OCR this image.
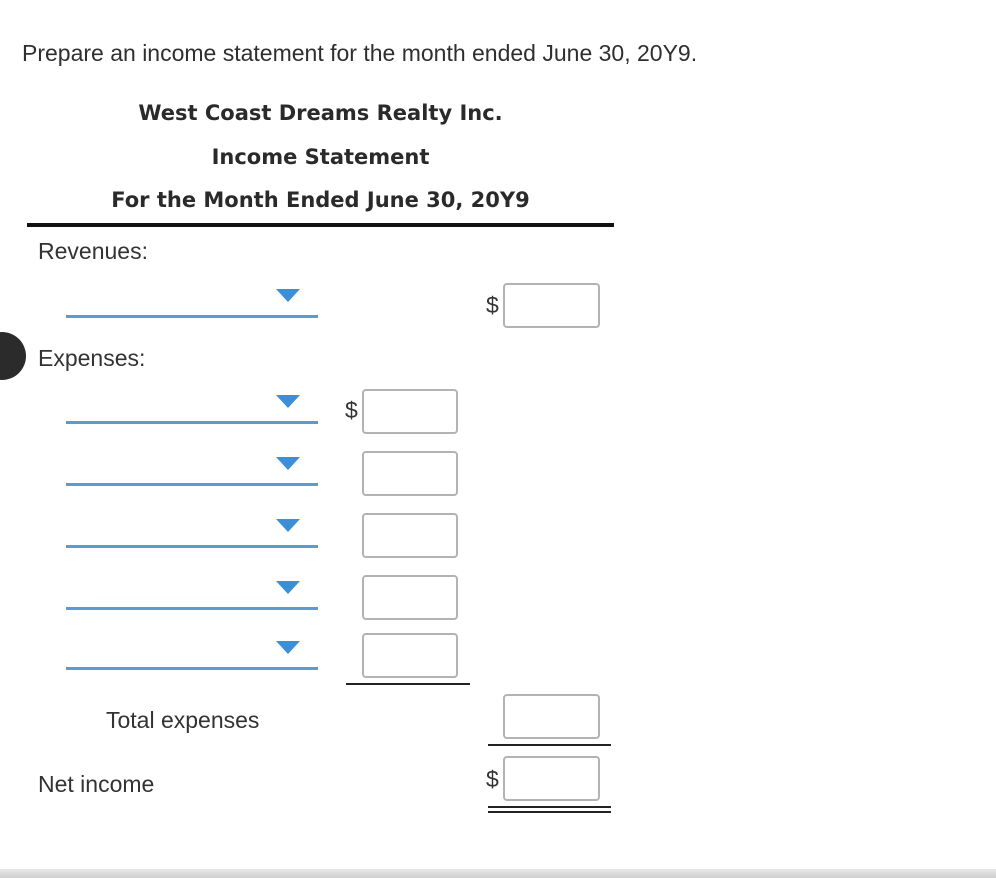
Prepare an income statement for the month ended June 30, 20Y9.
West Coast Dreams Realty Inc.
Income Statement
For the Month Ended June 30, 20Y9
Revenues:
$
Expenses:
$
Total expenses
Net income	$
